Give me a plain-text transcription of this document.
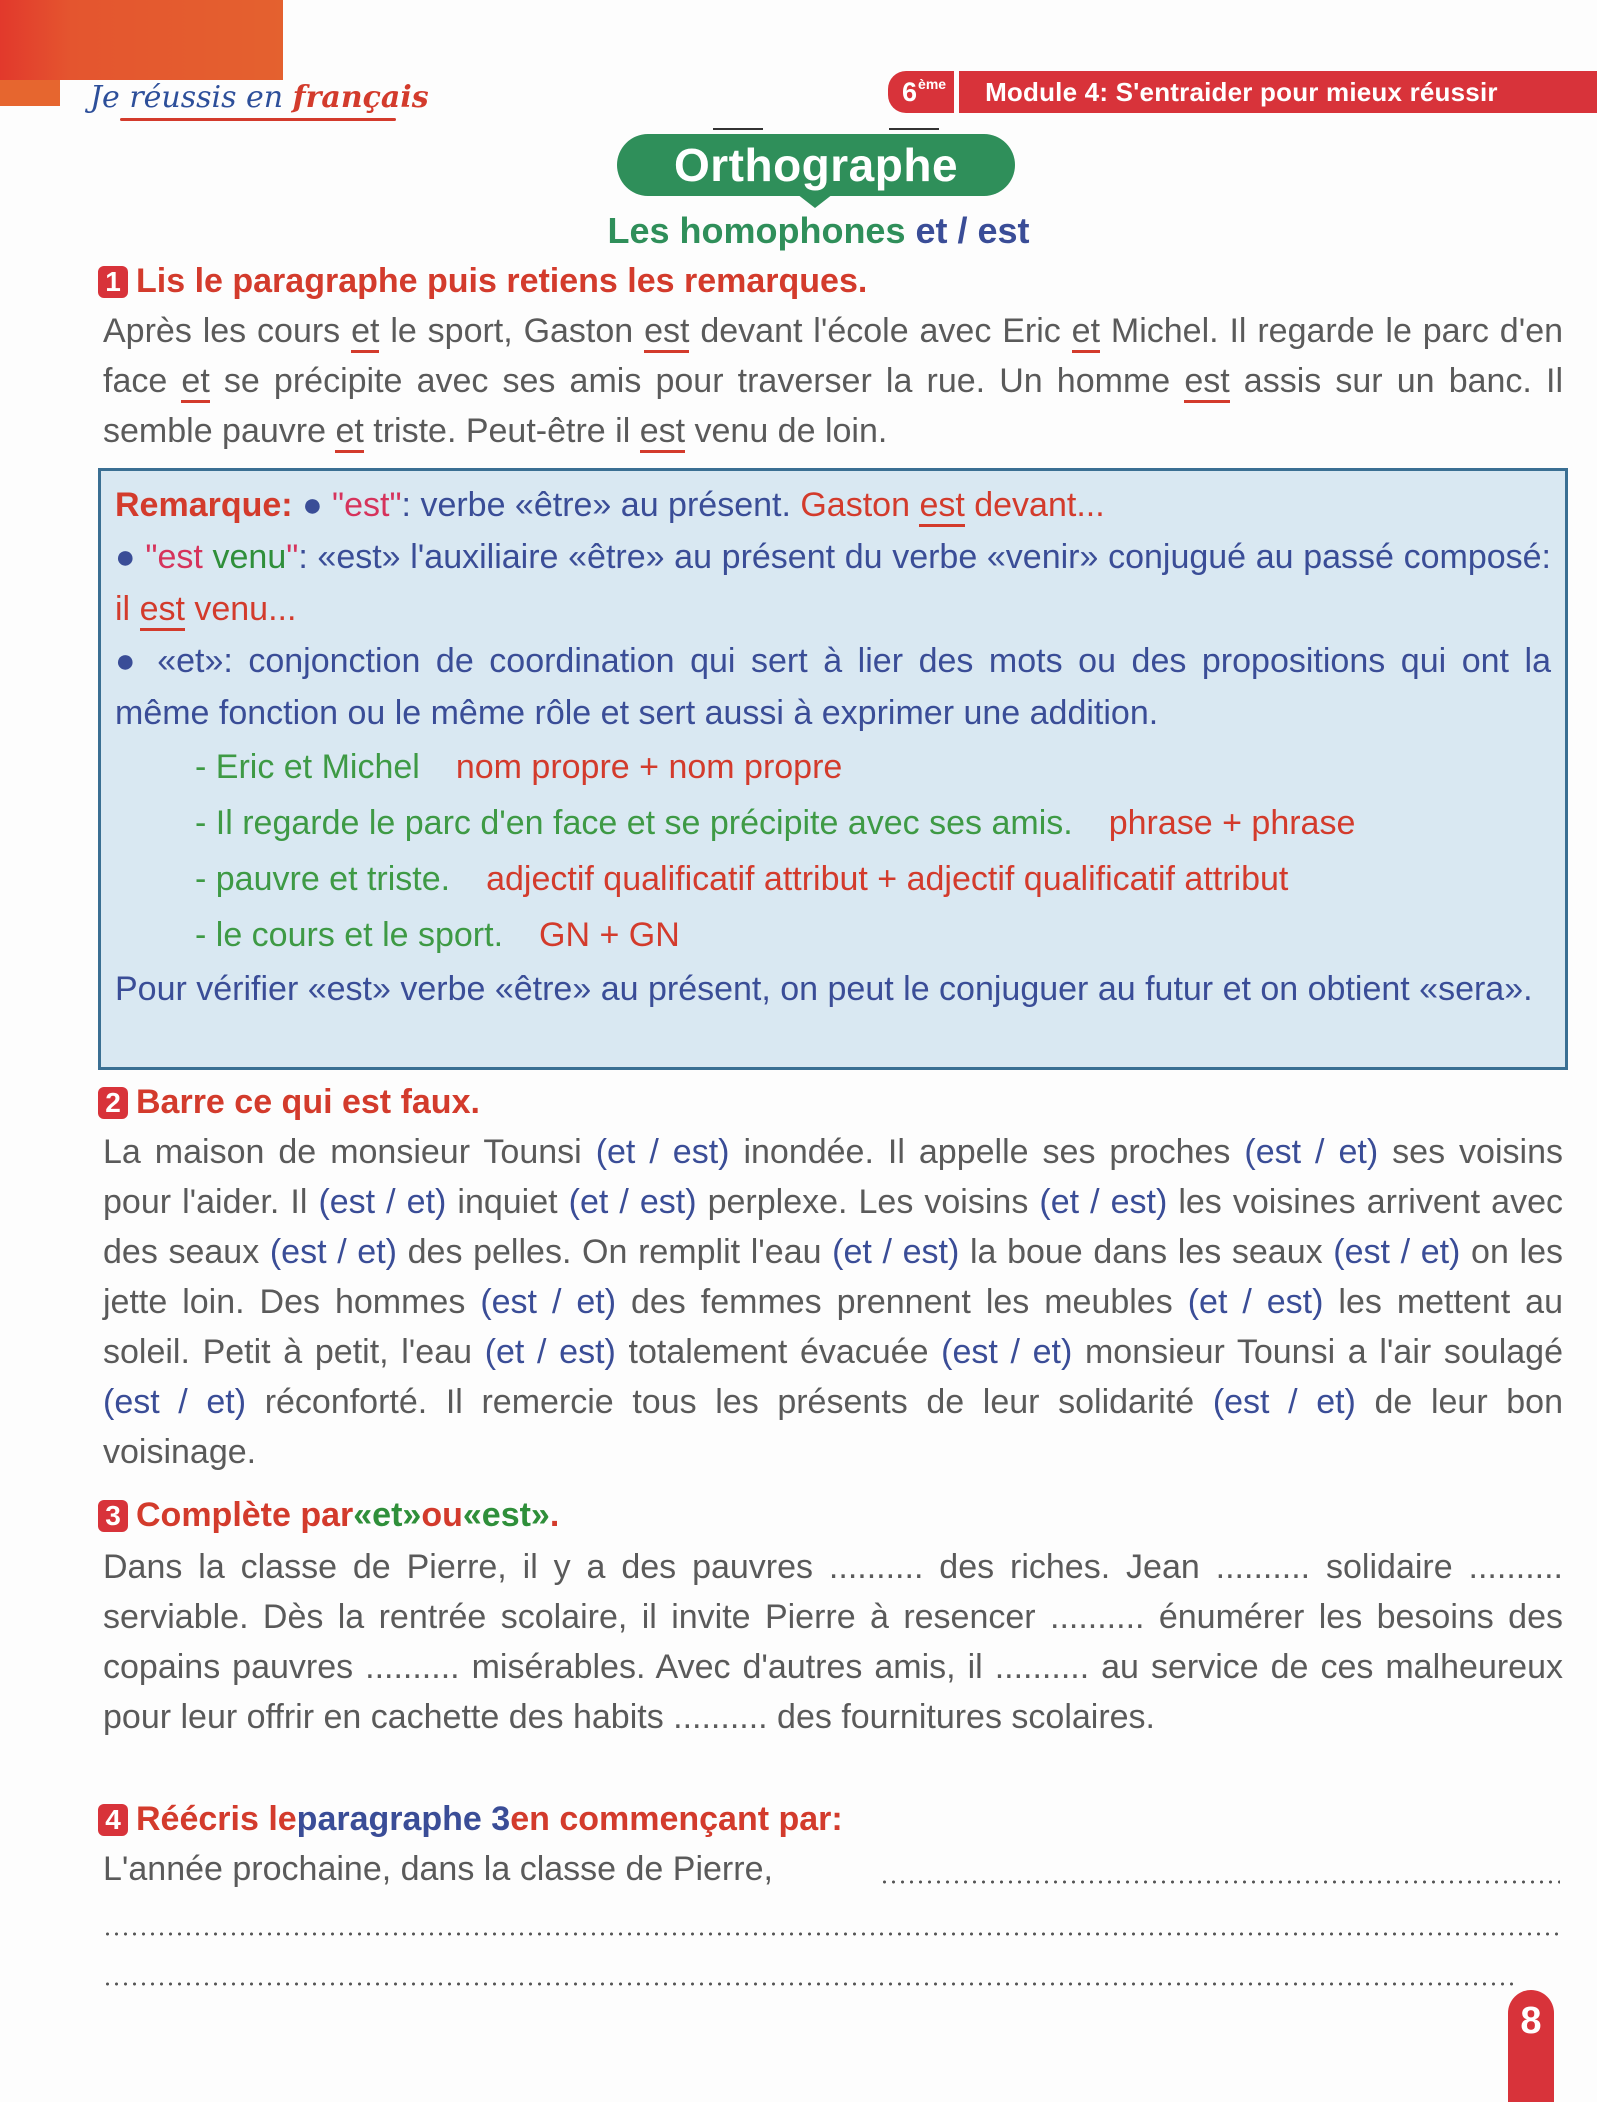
Je réussis en français	6ème	Module 4: S'entraider pour mieux réussir
Orthographe
Les homophones et / est
1 Lis le paragraphe puis retiens les remarques.
Après les cours et le sport, Gaston est devant l'école avec Eric et Michel. Il regarde le parc d'en face et se précipite avec ses amis pour traverser la rue. Un homme est assis sur un banc. Il semble pauvre et triste. Peut-être il est venu de loin.

Remarque: ● "est": verbe «être» au présent. Gaston est devant...

● "est venu": «est» l'auxiliaire «être» au présent du verbe «venir» conjugué au passé composé: il est venu...

● «et»: conjonction de coordination qui sert à lier des mots ou des propositions qui ont la même fonction ou le même rôle et sert aussi à exprimer une addition.

- Eric et Michel nom propre + nom propre
- Il regarde le parc d'en face et se précipite avec ses amis. phrase + phrase
- pauvre et triste. adjectif qualificatif attribut + adjectif qualificatif attribut
- le cours et le sport. GN + GN

Pour vérifier «est» verbe «être» au présent, on peut le conjuguer au futur et on obtient «sera».

2 Barre ce qui est faux.
La maison de monsieur Tounsi (et / est) inondée. Il appelle ses proches (est / et) ses voisins pour l'aider. Il (est / et) inquiet (et / est) perplexe. Les voisins (et / est) les voisines arrivent avec des seaux (est / et) des pelles. On remplit l'eau (et / est) la boue dans les seaux (est / et) on les jette loin. Des hommes (est / et) des femmes prennent les meubles (et / est) les mettent au soleil. Petit à petit, l'eau (et / est) totalement évacuée (est / et) monsieur Tounsi a l'air soulagé (est / et) réconforté. Il remercie tous les présents de leur solidarité (est / et) de leur bon voisinage.
3 Complète par «et» ou «est» .
Dans la classe de Pierre, il y a des pauvres .......... des riches. Jean .......... solidaire .......... serviable. Dès la rentrée scolaire, il invite Pierre à resencer .......... énumérer les besoins des copains pauvres .......... misérables. Avec d'autres amis, il .......... au service de ces malheureux pour leur offrir en cachette des habits .......... des fournitures scolaires.
4 Réécris le paragraphe 3 en commençant par:
L'année prochaine, dans la classe de Pierre,
8
